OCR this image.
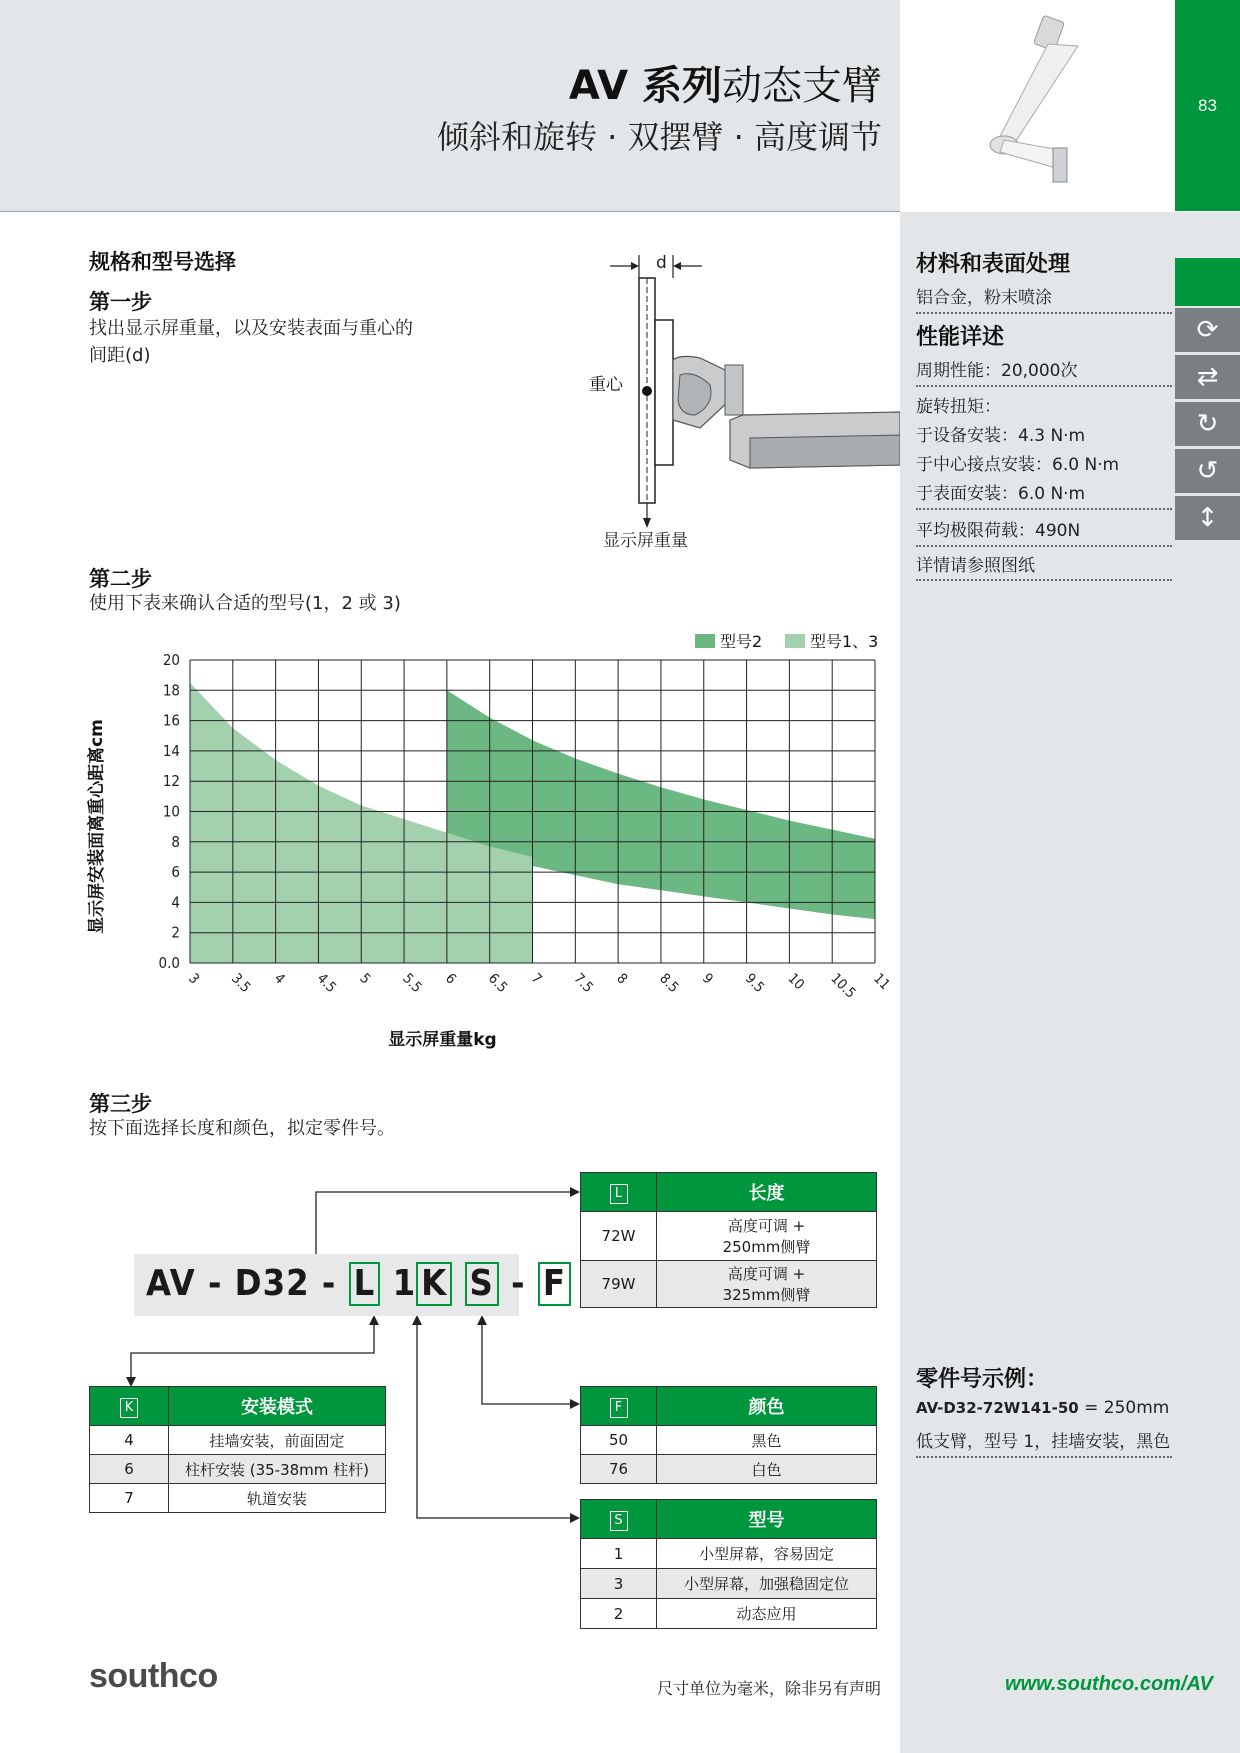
AV 系列动态支臂
倾斜和旋转 · 双摆臂 · 高度调节
83
材料和表面处理
铝合金，粉末喷涂
性能详述
周期性能：20,000次
旋转扭矩：
于设备安装：4.3 N·m
于中心接点安装：6.0 N·m
于表面安装：6.0 N·m
平均极限荷载：490N
详情请参照图纸
⟳
⇄
↻
↺
↕
零件号示例：
AV-D32-72W141-50 = 250mm
低支臂，型号 1，挂墙安装，黑色
规格和型号选择
第一步
找出显示屏重量，以及安装表面与重心的间距(d)
重心
d
显示屏重量
第二步
使用下表来确认合适的型号(1，2 或 3)
3 3.5 4 4.5 5 5.5 6 6.5 7 7.5 8 8.5 9 9.5 10 10.5 11
0.0
2
4
6
8
10
12
14
16
18
20
显示屏重量kg
显示屏安装面离重心距离cm
型号2	型号1、3
第三步
按下面选择长度和颜色，拟定零件号。
AV - D32 - L 1 K S - F
L	长度
72W	高度可调 +
250mm侧臂

79W	高度可调 +
325mm侧臂
K	安装模式
4	挂墙安装，前面固定
6	柱杆安装 (35-38mm 柱杆)
7	轨道安装
F	颜色
50	黑色
76	白色
S	型号
1	小型屏幕，容易固定
3	小型屏幕，加强稳固定位
2	动态应用
southco	尺寸单位为毫米，除非另有声明	www.southco.com/AV
